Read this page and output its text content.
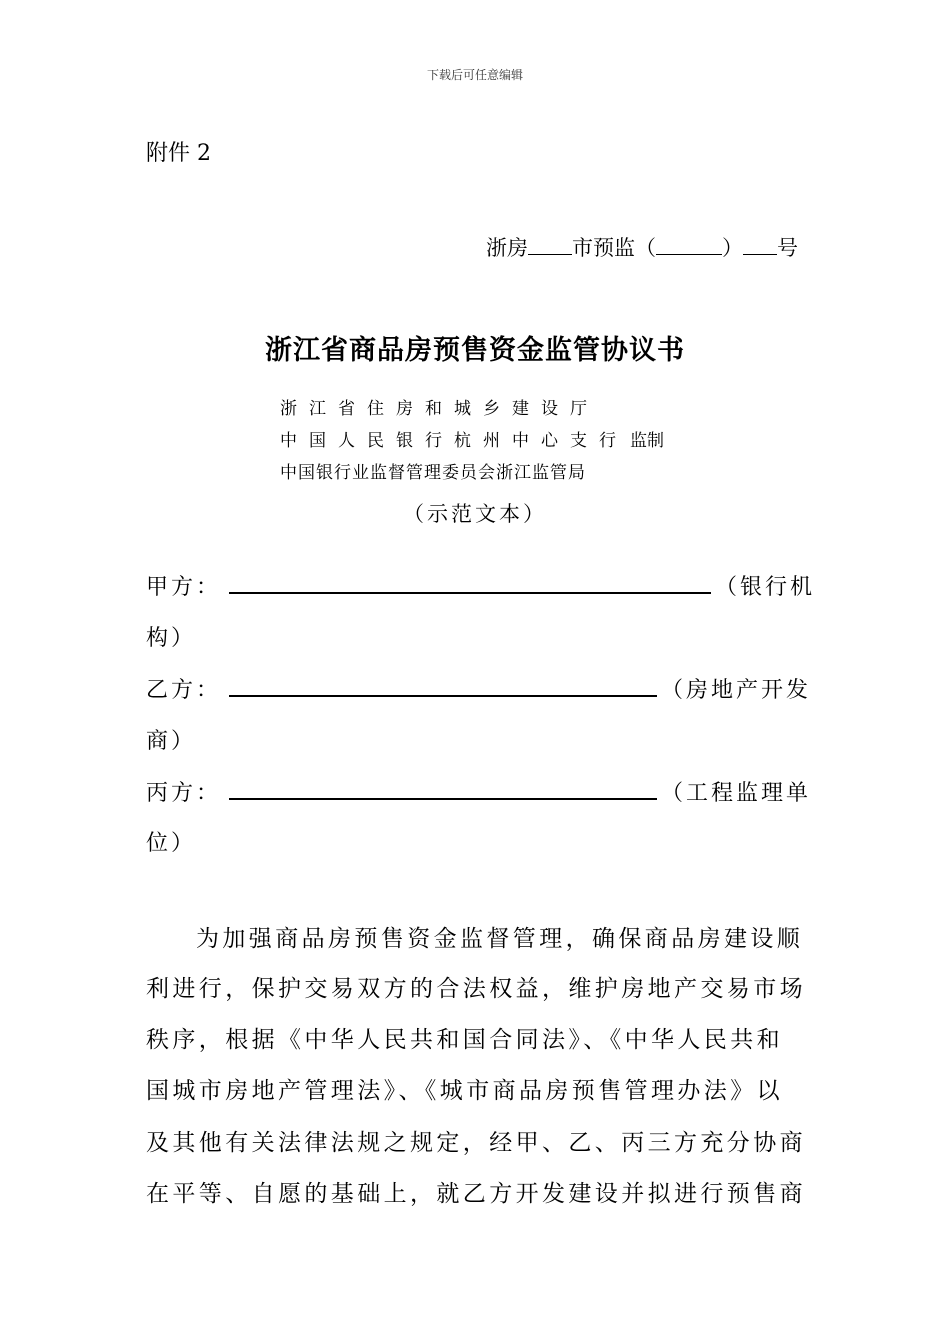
下载后可任意编辑
附件 2
浙房 市预监（	） 号
浙江省商品房预售资金监管协议书
浙江省住房和城乡建设厅
中国人民银行杭州中心支行 监制
中国银行业监督管理委员会浙江监管局
（示范文本）
甲方：	（银行机
构）
乙方：	（房地产开发
商）
丙方：	（工程监理单
位）
为加强商品房预售资金监督管理，确保商品房建设顺
利进行，保护交易双方的合法权益，维护房地产交易市场
秩序，根据《中华人民共和国合同法》、《中华人民共和
国城市房地产管理法》、《城市商品房预售管理办法》以
及其他有关法律法规之规定，经甲、乙、丙三方充分协商
在平等、自愿的基础上，就乙方开发建设并拟进行预售商
